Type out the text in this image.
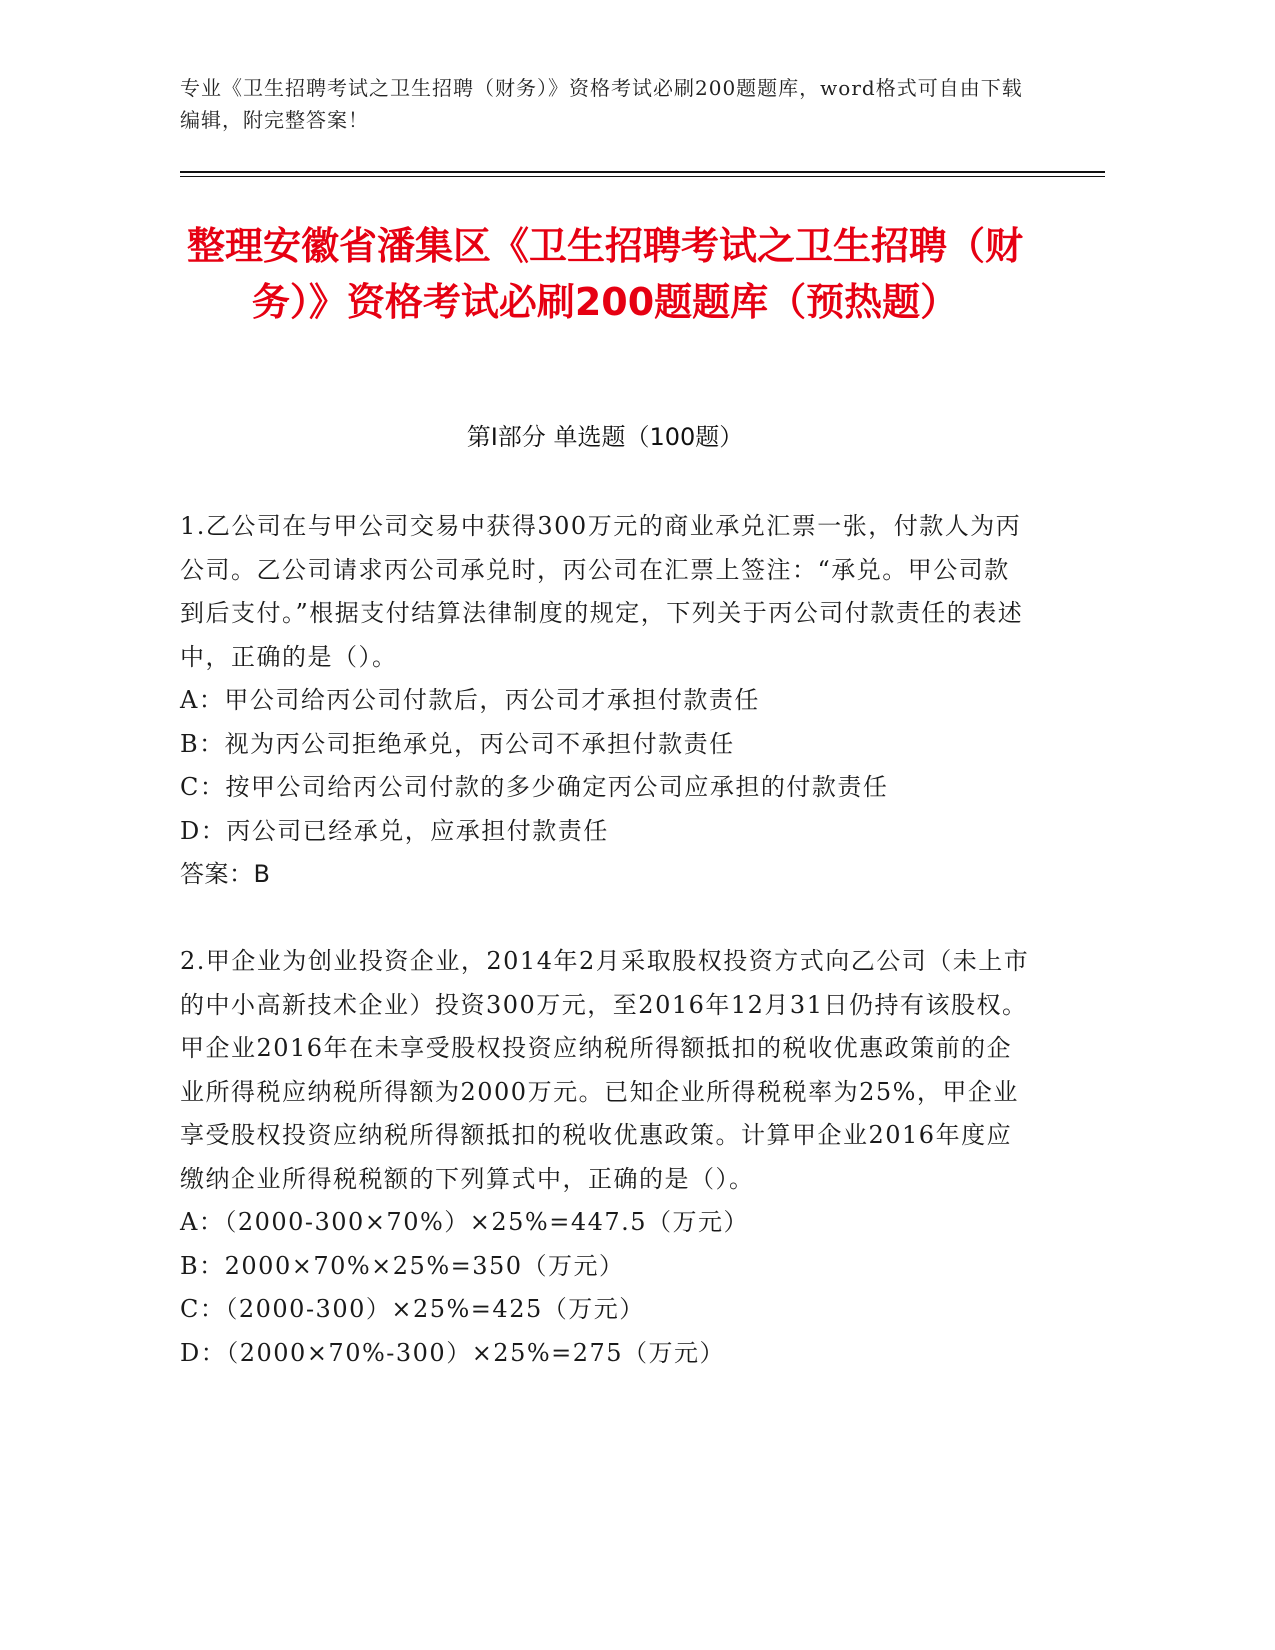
专业《卫生招聘考试之卫生招聘（财务）》资格考试必刷200题题库，word格式可自由下载编辑，附完整答案！
整理安徽省潘集区《卫生招聘考试之卫生招聘（财务）》资格考试必刷200题题库（预热题）
第I部分 单选题（100题）

1.乙公司在与甲公司交易中获得300万元的商业承兑汇票一张，付款人为丙公司。乙公司请求丙公司承兑时，丙公司在汇票上签注：“承兑。甲公司款到后支付。”根据支付结算法律制度的规定，下列关于丙公司付款责任的表述中，正确的是（）。

A：甲公司给丙公司付款后，丙公司才承担付款责任

B：视为丙公司拒绝承兑，丙公司不承担付款责任

C：按甲公司给丙公司付款的多少确定丙公司应承担的付款责任

D：丙公司已经承兑，应承担付款责任

答案：B

2.甲企业为创业投资企业，2014年2月采取股权投资方式向乙公司（未上市的中小高新技术企业）投资300万元，至2016年12月31日仍持有该股权。甲企业2016年在未享受股权投资应纳税所得额抵扣的税收优惠政策前的企业所得税应纳税所得额为2000万元。已知企业所得税税率为25%，甲企业享受股权投资应纳税所得额抵扣的税收优惠政策。计算甲企业2016年度应缴纳企业所得税税额的下列算式中，正确的是（）。

A：（2000-300×70%）×25%=447.5（万元）

B：2000×70%×25%=350（万元）

C：（2000-300）×25%=425（万元）

D：（2000×70%-300）×25%=275（万元）
